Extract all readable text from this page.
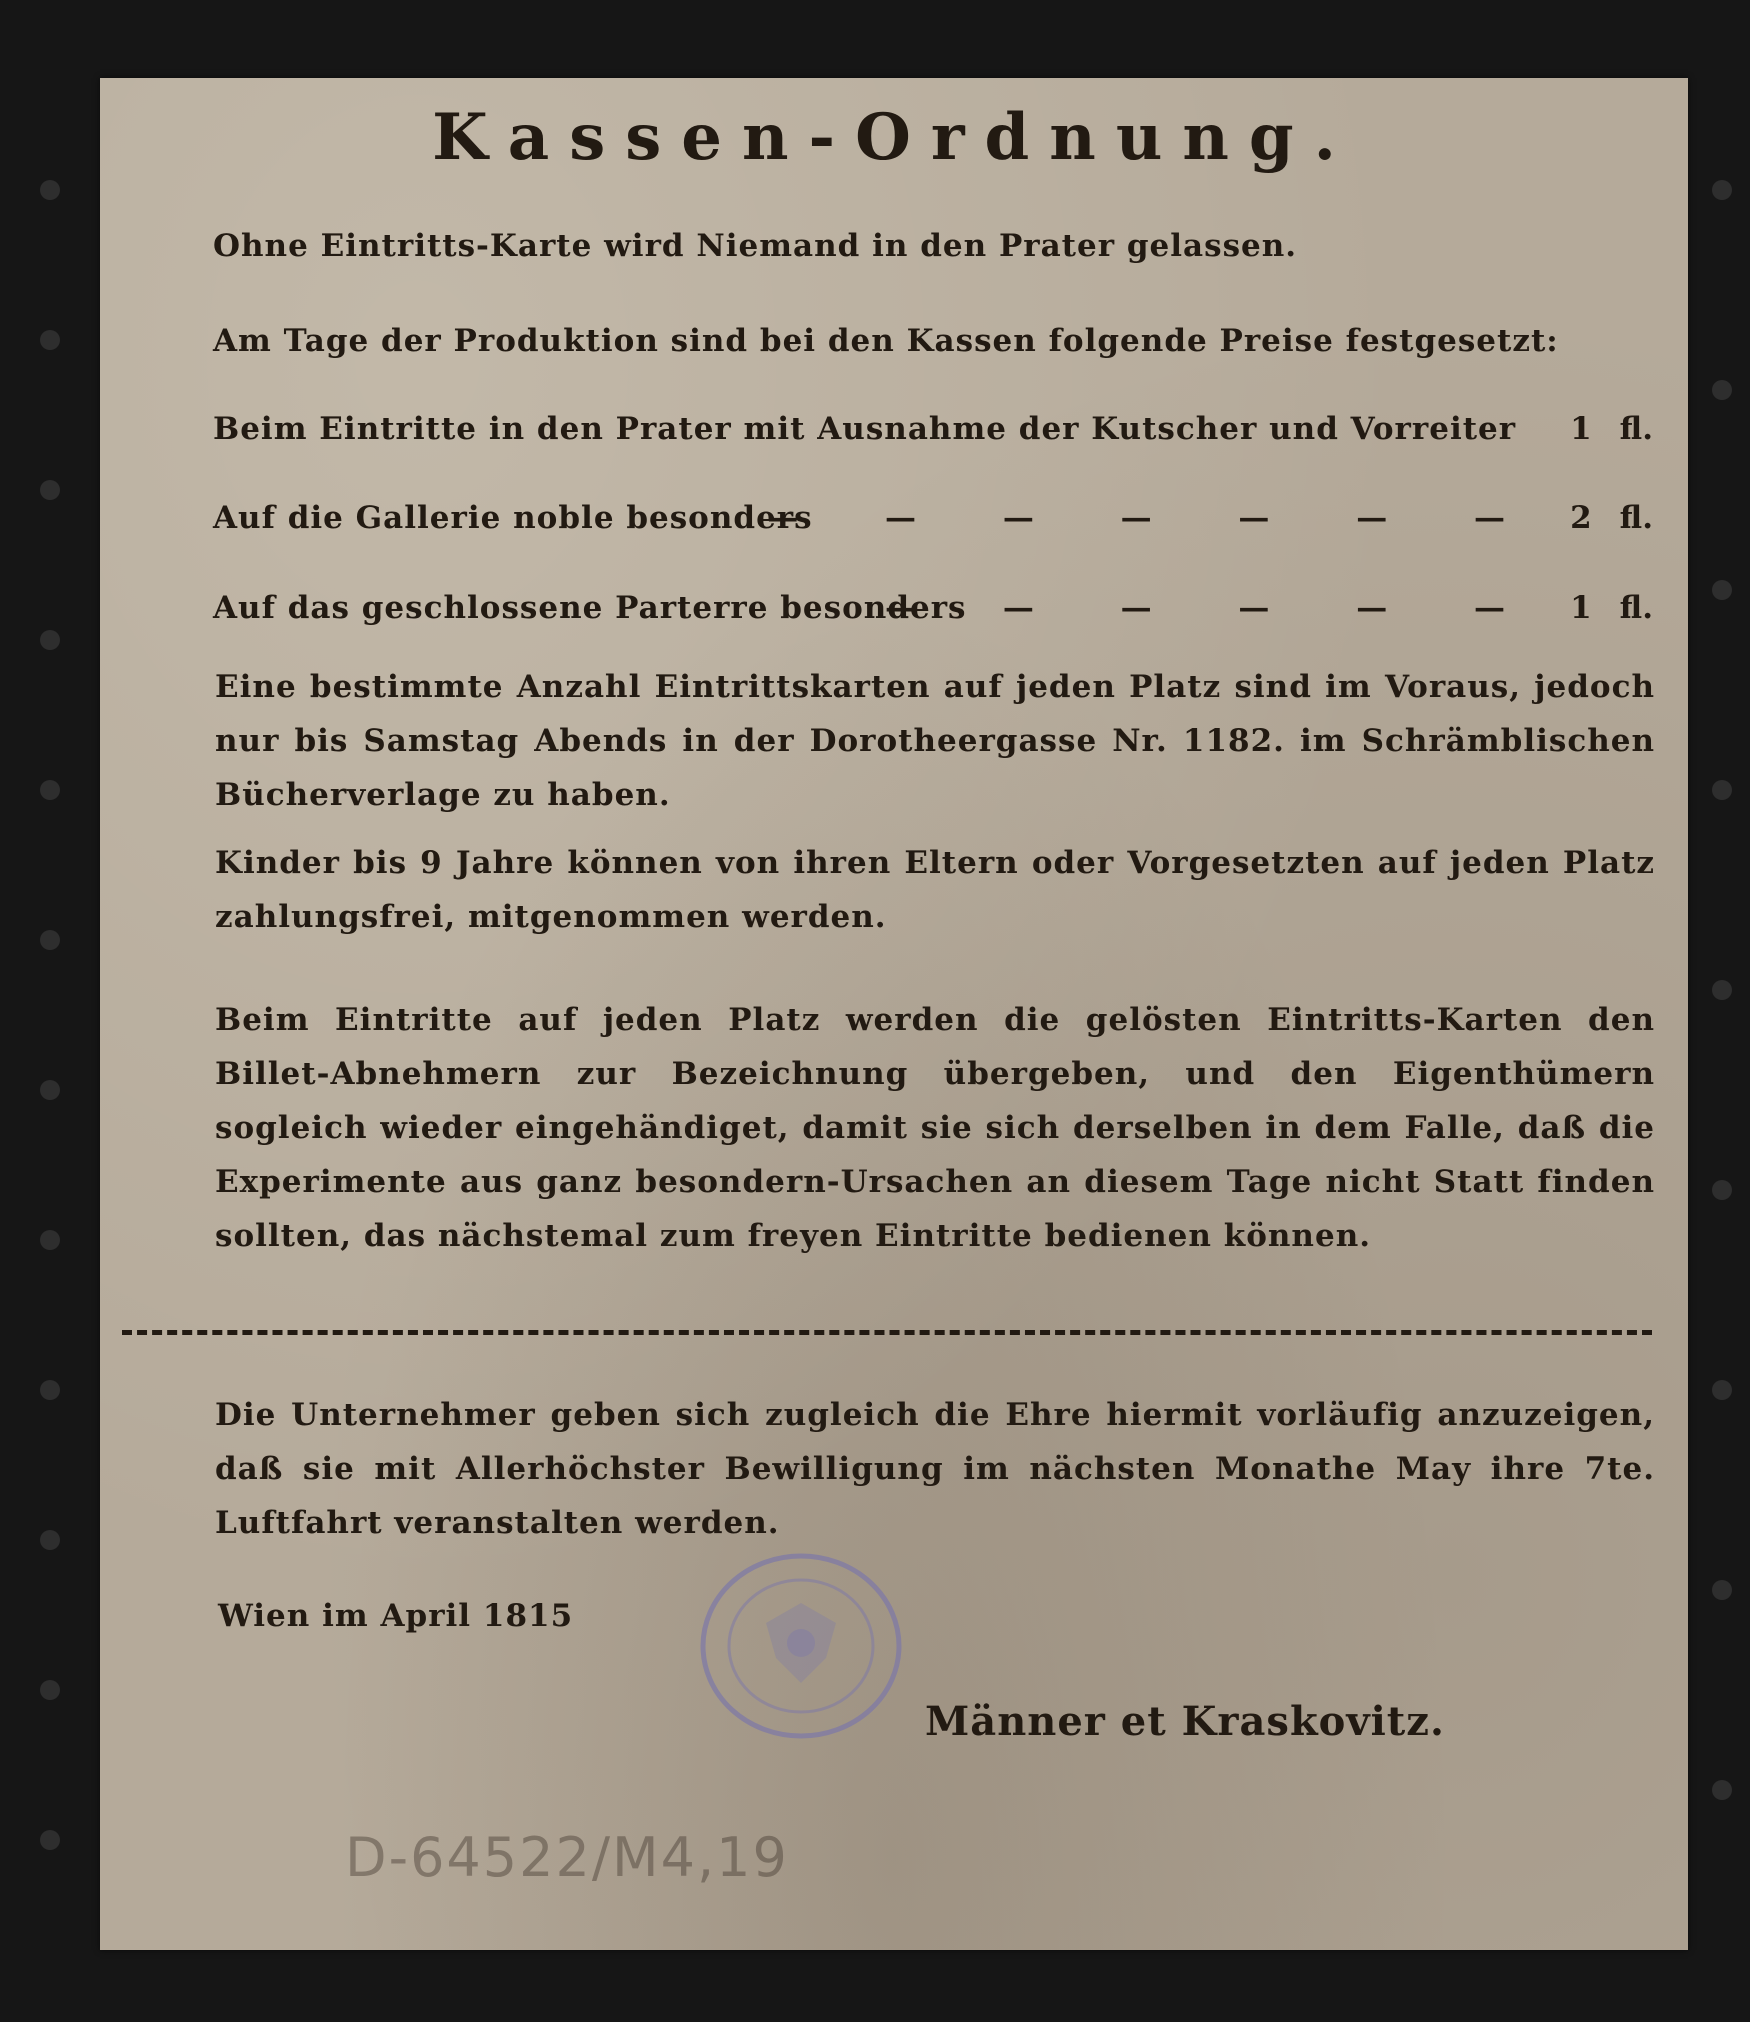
Kassen-Ordnung.

Ohne Eintritts-Karte wird Niemand in den Prater gelassen.

Am Tage der Produktion sind bei den Kassen folgende Preise festgesetzt:

Beim Eintritte in den Prater mit Ausnahme der Kutscher und Vorreiter	1 fl.
Auf die Gallerie noble besonders
— — — — — — — 2 fl.
Auf das geschlossene Parterre besonders
— — — — — — 1 fl.

Eine bestimmte Anzahl Eintrittskarten auf jeden Platz sind im Voraus, jedoch nur bis Samstag Abends in der Dorotheergasse Nr. 1182. im Schrämblischen Bücherverlage zu haben.

Kinder bis 9 Jahre können von ihren Eltern oder Vorgesetzten auf jeden Platz zahlungsfrei, mitgenommen werden.

Beim Eintritte auf jeden Platz werden die gelösten Eintritts-Karten den Billet-Abnehmern zur Bezeichnung übergeben, und den Eigenthümern sogleich wieder eingehändiget, damit sie sich derselben in dem Falle, daß die Experimente aus ganz besondern-Ursachen an diesem Tage nicht Statt finden sollten, das nächstemal zum freyen Eintritte bedienen können.

Die Unternehmer geben sich zugleich die Ehre hiermit vorläufig anzuzeigen, daß sie mit Allerhöchster Bewilligung im nächsten Monathe May ihre 7te. Luftfahrt veranstalten werden.

Wien im April 1815

Männer et Kraskovitz.

D-64522/M4,19
